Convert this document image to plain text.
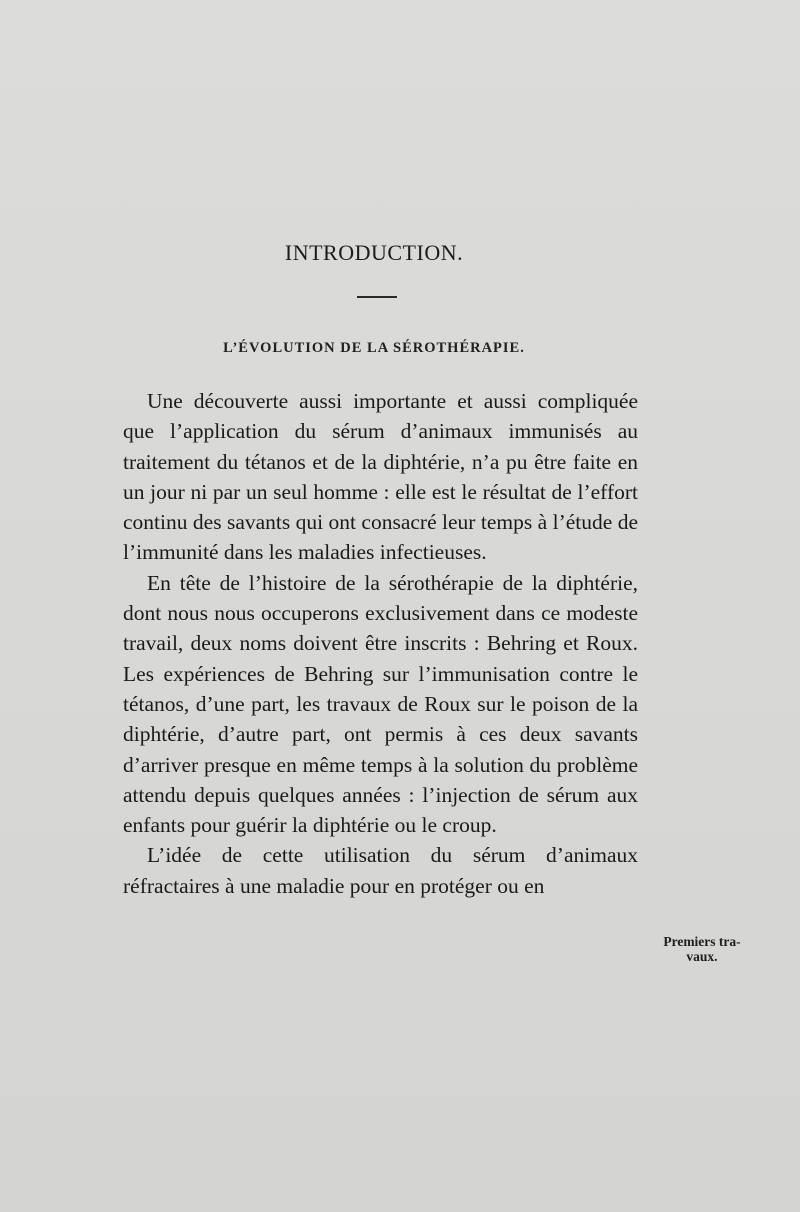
INTRODUCTION.
L’ÉVOLUTION DE LA SÉROTHÉRAPIE.

Une découverte aussi importante et aussi compliquée que l’application du sérum d’animaux immunisés au traitement du tétanos et de la diphtérie, n’a pu être faite en un jour ni par un seul homme : elle est le résultat de l’effort continu des savants qui ont consacré leur temps à l’étude de l’immunité dans les maladies infectieuses.

En tête de l’histoire de la sérothérapie de la diphtérie, dont nous nous occuperons exclusivement dans ce modeste travail, deux noms doivent être inscrits : Behring et Roux. Les expériences de Behring sur l’immunisation contre le tétanos, d’une part, les travaux de Roux sur le poison de la diphtérie, d’autre part, ont permis à ces deux savants d’arriver presque en même temps à la solution du problème attendu depuis quelques années : l’injection de sérum aux enfants pour guérir la diphtérie ou le croup.

L’idée de cette utilisation du sérum d’animaux réfractaires à une maladie pour en protéger ou en

Premiers tra-
vaux.
